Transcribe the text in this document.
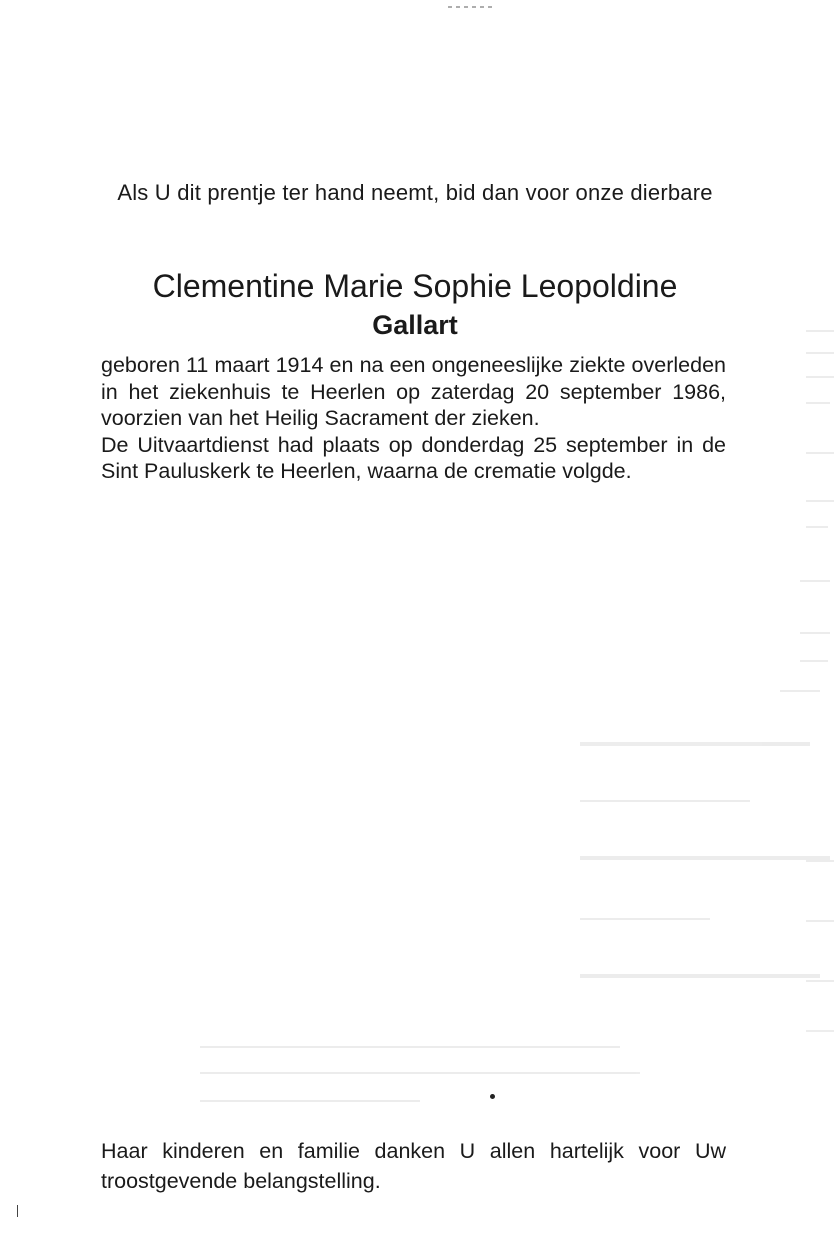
Als U dit prentje ter hand neemt, bid dan voor onze dierbare
Clementine Marie Sophie Leopoldine
Gallart

geboren 11 maart 1914 en na een ongeneeslijke ziekte overleden in het ziekenhuis te Heerlen op zaterdag 20 september 1986, voorzien van het Heilig Sacrament der zieken.

De Uitvaartdienst had plaats op donderdag 25 september in de Sint Pauluskerk te Heerlen, waarna de crematie volgde.

Haar kinderen en familie danken U allen hartelijk voor Uw troostgevende belangstelling.
